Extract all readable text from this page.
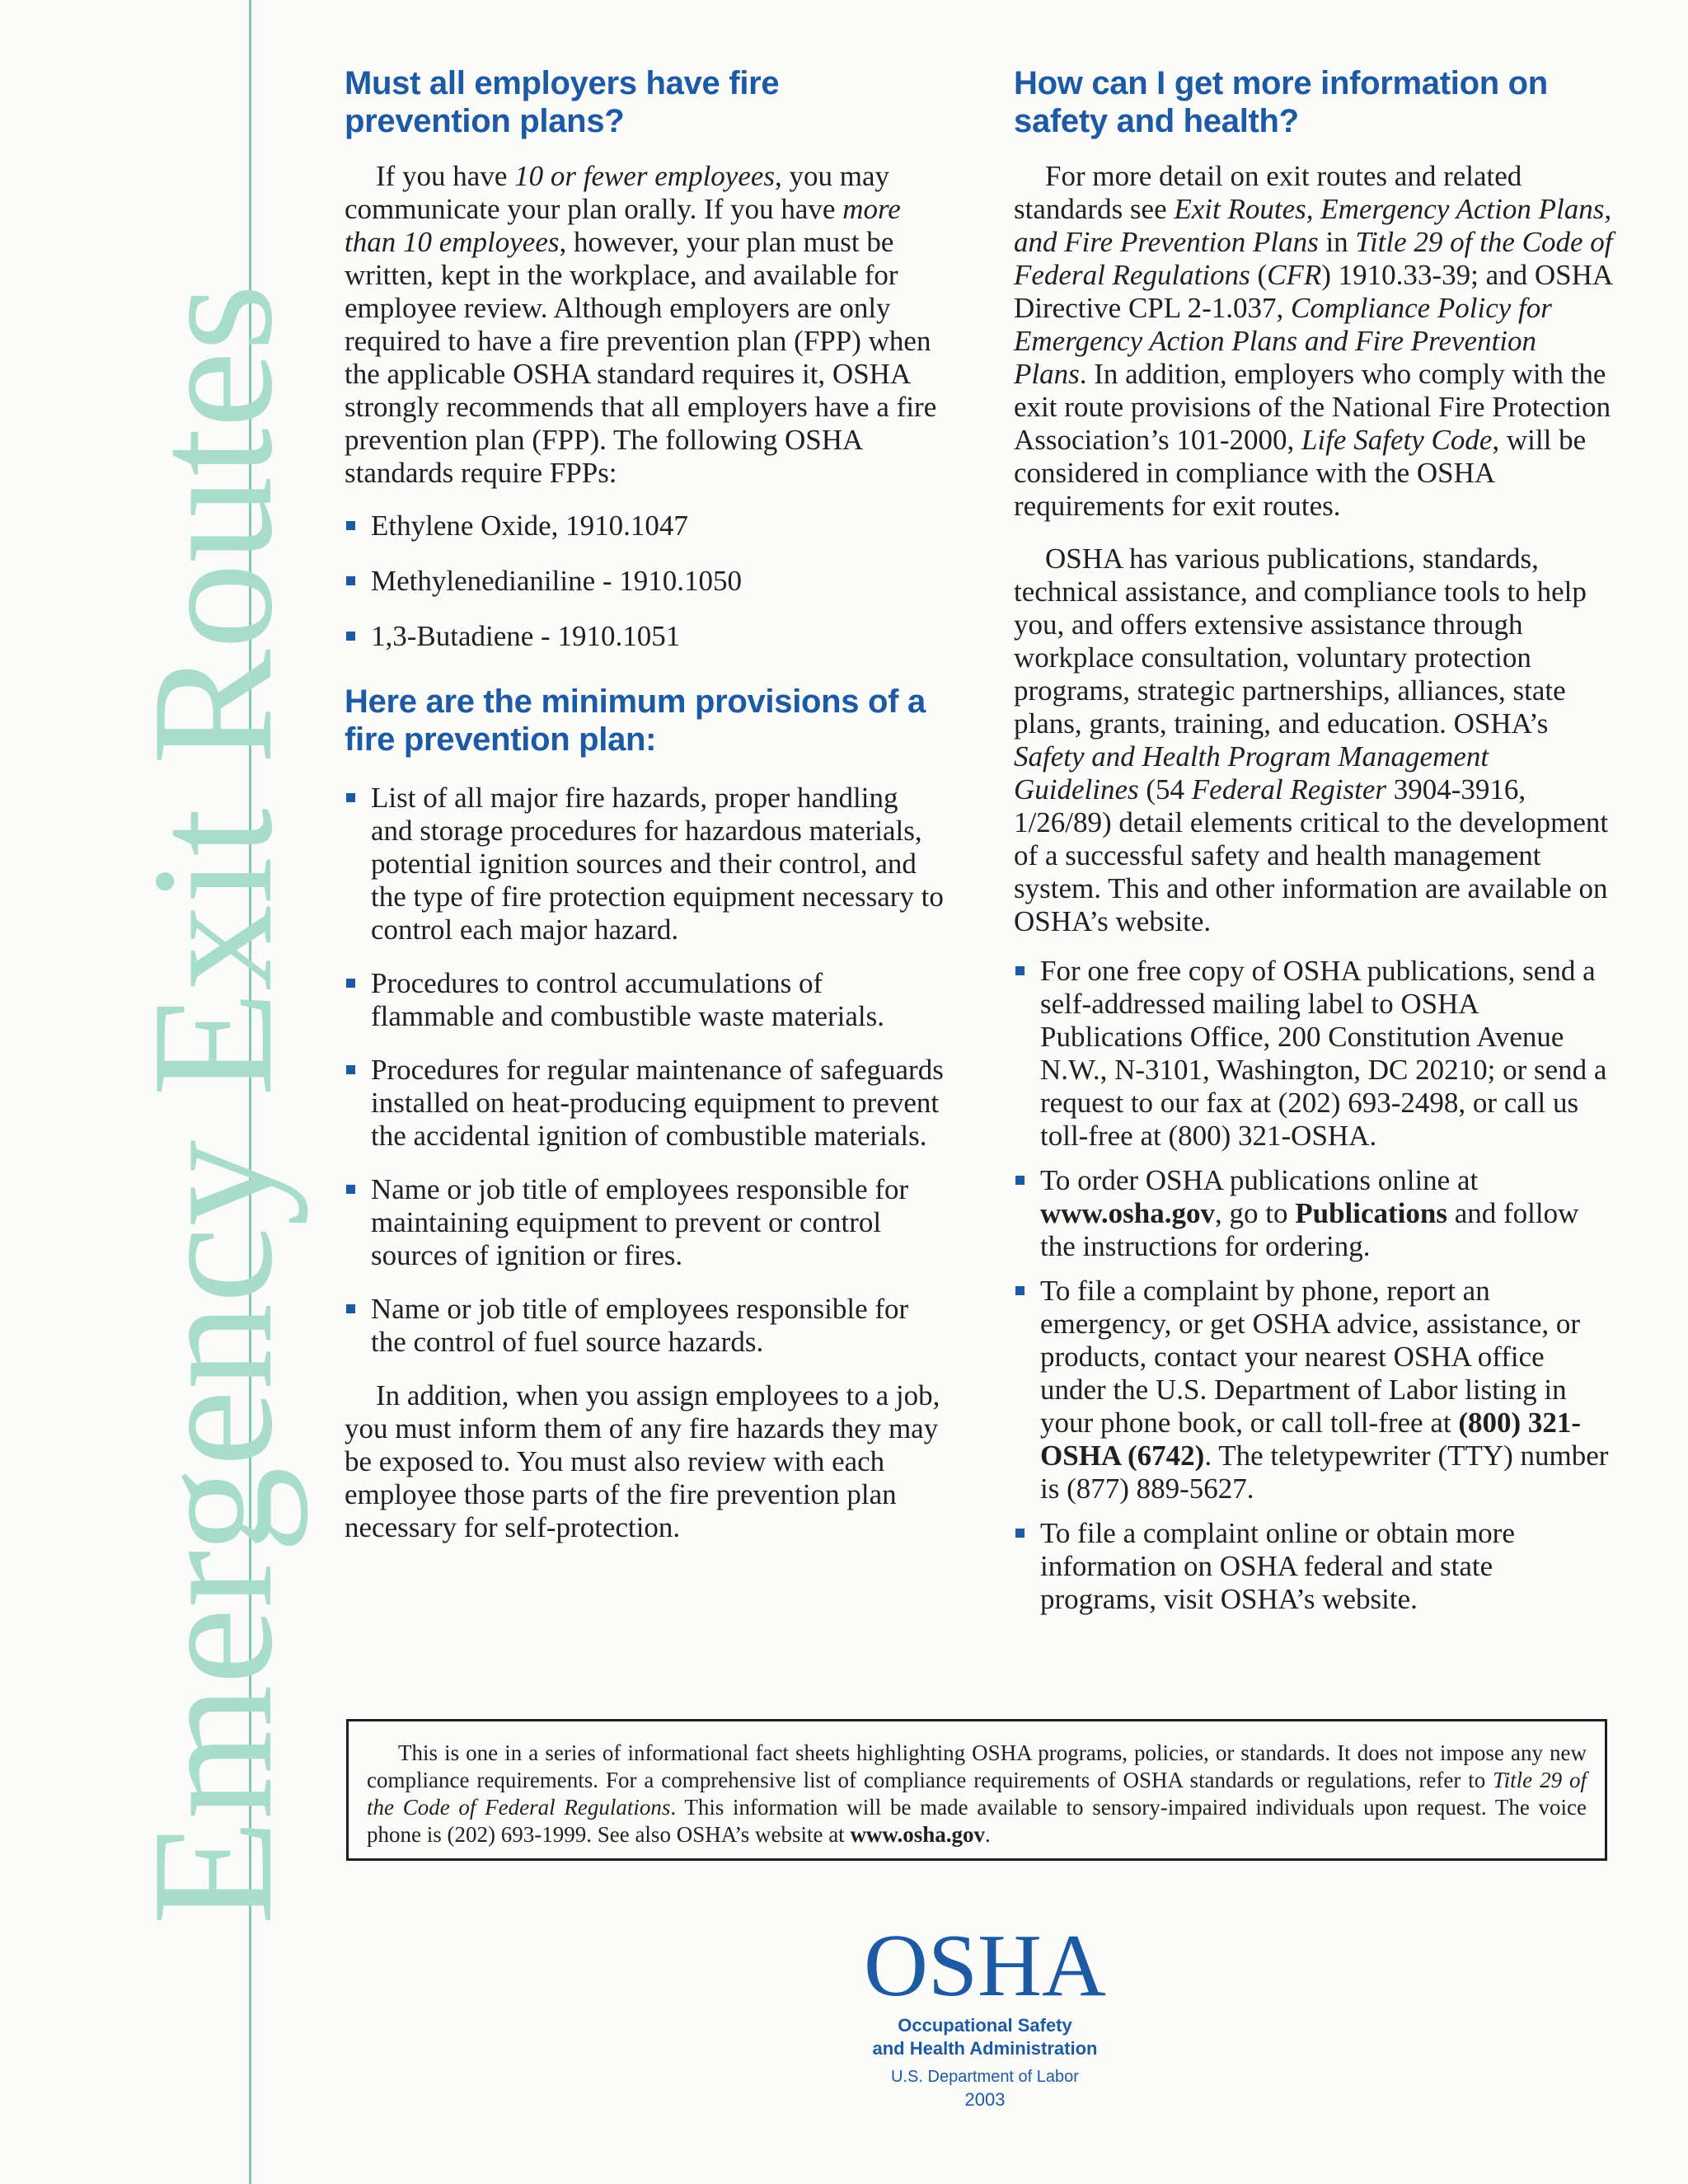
Emergency Exit Routes
Must all employers have fire prevention plans?

If you have 10 or fewer employees, you may communicate your plan orally. If you have more than 10 employees, however, your plan must be written, kept in the workplace, and available for employee review. Although employers are only required to have a fire prevention plan (FPP) when the applicable OSHA standard requires it, OSHA strongly recommends that all employers have a fire prevention plan (FPP). The following OSHA standards require FPPs:

Ethylene Oxide, 1910.1047
Methylenedianiline - 1910.1050
1,3-Butadiene - 1910.1051
Here are the minimum provisions of a fire prevention plan:
List of all major fire hazards, proper handling and storage procedures for hazardous materials, potential ignition sources and their control, and the type of fire protection equipment necessary to control each major hazard.
Procedures to control accumulations of flammable and combustible waste materials.
Procedures for regular maintenance of safeguards installed on heat-producing equipment to prevent the accidental ignition of combustible materials.
Name or job title of employees responsible for maintaining equipment to prevent or control sources of ignition or fires.
Name or job title of employees responsible for the control of fuel source hazards.

In addition, when you assign employees to a job, you must inform them of any fire hazards they may be exposed to. You must also review with each employee those parts of the fire prevention plan necessary for self-protection.

How can I get more information on safety and health?

For more detail on exit routes and related standards see Exit Routes, Emergency Action Plans, and Fire Prevention Plans in Title 29 of the Code of Federal Regulations (CFR) 1910.33-39; and OSHA Directive CPL 2-1.037, Compliance Policy for Emergency Action Plans and Fire Prevention Plans. In addition, employers who comply with the exit route provisions of the National Fire Protection Association’s 101-2000, Life Safety Code, will be considered in compliance with the OSHA requirements for exit routes.

OSHA has various publications, standards, technical assistance, and compliance tools to help you, and offers extensive assistance through workplace consultation, voluntary protection programs, strategic partnerships, alliances, state plans, grants, training, and education. OSHA’s Safety and Health Program Management Guidelines (54 Federal Register 3904-3916, 1/26/89) detail elements critical to the development of a successful safety and health management system. This and other information are available on OSHA’s website.

For one free copy of OSHA publications, send a self-addressed mailing label to OSHA Publications Office, 200 Constitution Avenue N.W., N-3101, Washington, DC 20210; or send a request to our fax at (202) 693-2498, or call us toll-free at (800) 321-OSHA.
To order OSHA publications online at www.osha.gov, go to Publications and follow the instructions for ordering.
To file a complaint by phone, report an emergency, or get OSHA advice, assistance, or products, contact your nearest OSHA office under the U.S. Department of Labor listing in your phone book, or call toll-free at (800) 321-OSHA (6742). The teletypewriter (TTY) number is (877) 889-5627.
To file a complaint online or obtain more information on OSHA federal and state programs, visit OSHA’s website.

This is one in a series of informational fact sheets highlighting OSHA programs, policies, or standards. It does not impose any new compliance requirements. For a comprehensive list of compliance requirements of OSHA standards or regulations, refer to Title 29 of the Code of Federal Regulations. This information will be made available to sensory-impaired individuals upon request. The voice phone is (202) 693-1999. See also OSHA’s website at www.osha.gov.

OSHA
Occupational Safety
and Health Administration
U.S. Department of Labor
2003
